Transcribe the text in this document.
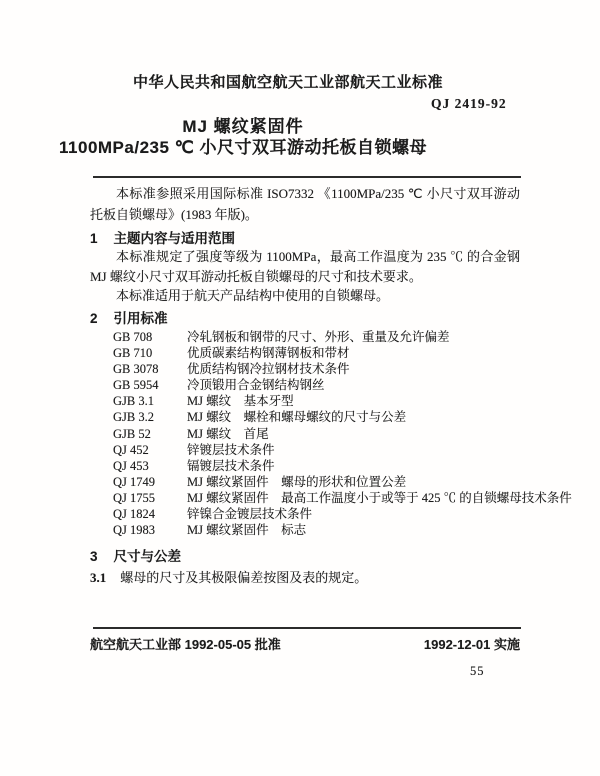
中华人民共和国航空航天工业部航天工业标准
QJ 2419-92
MJ 螺纹紧固件
1100MPa/235 ℃ 小尺寸双耳游动托板自锁螺母
本标准参照采用国际标准 ISO7332 《1100MPa/235 ℃ 小尺寸双耳游动托板自锁螺母》(1983 年版)。
1 主题内容与适用范围
本标准规定了强度等级为 1100MPa，最高工作温度为 235 ℃ 的合金钢 MJ 螺纹小尺寸双耳游动托板自锁螺母的尺寸和技术要求。
本标准适用于航天产品结构中使用的自锁螺母。
2 引用标准
GB 708	冷轧钢板和钢带的尺寸、外形、重量及允许偏差
GB 710	优质碳素结构钢薄钢板和带材
GB 3078	优质结构钢冷拉钢材技术条件
GB 5954	冷顶锻用合金钢结构钢丝
GJB 3.1	MJ 螺纹　基本牙型
GJB 3.2	MJ 螺纹　螺栓和螺母螺纹的尺寸与公差
GJB 52	MJ 螺纹　首尾
QJ 452	锌镀层技术条件
QJ 453	镉镀层技术条件
QJ 1749	MJ 螺纹紧固件　螺母的形状和位置公差
QJ 1755	MJ 螺纹紧固件　最高工作温度小于或等于 425 ℃ 的自锁螺母技术条件
QJ 1824	锌镍合金镀层技术条件
QJ 1983	MJ 螺纹紧固件　标志
3 尺寸与公差
3.1 螺母的尺寸及其极限偏差按图及表的规定。
航空航天工业部 1992-05-05 批准	1992-12-01 实施
55
